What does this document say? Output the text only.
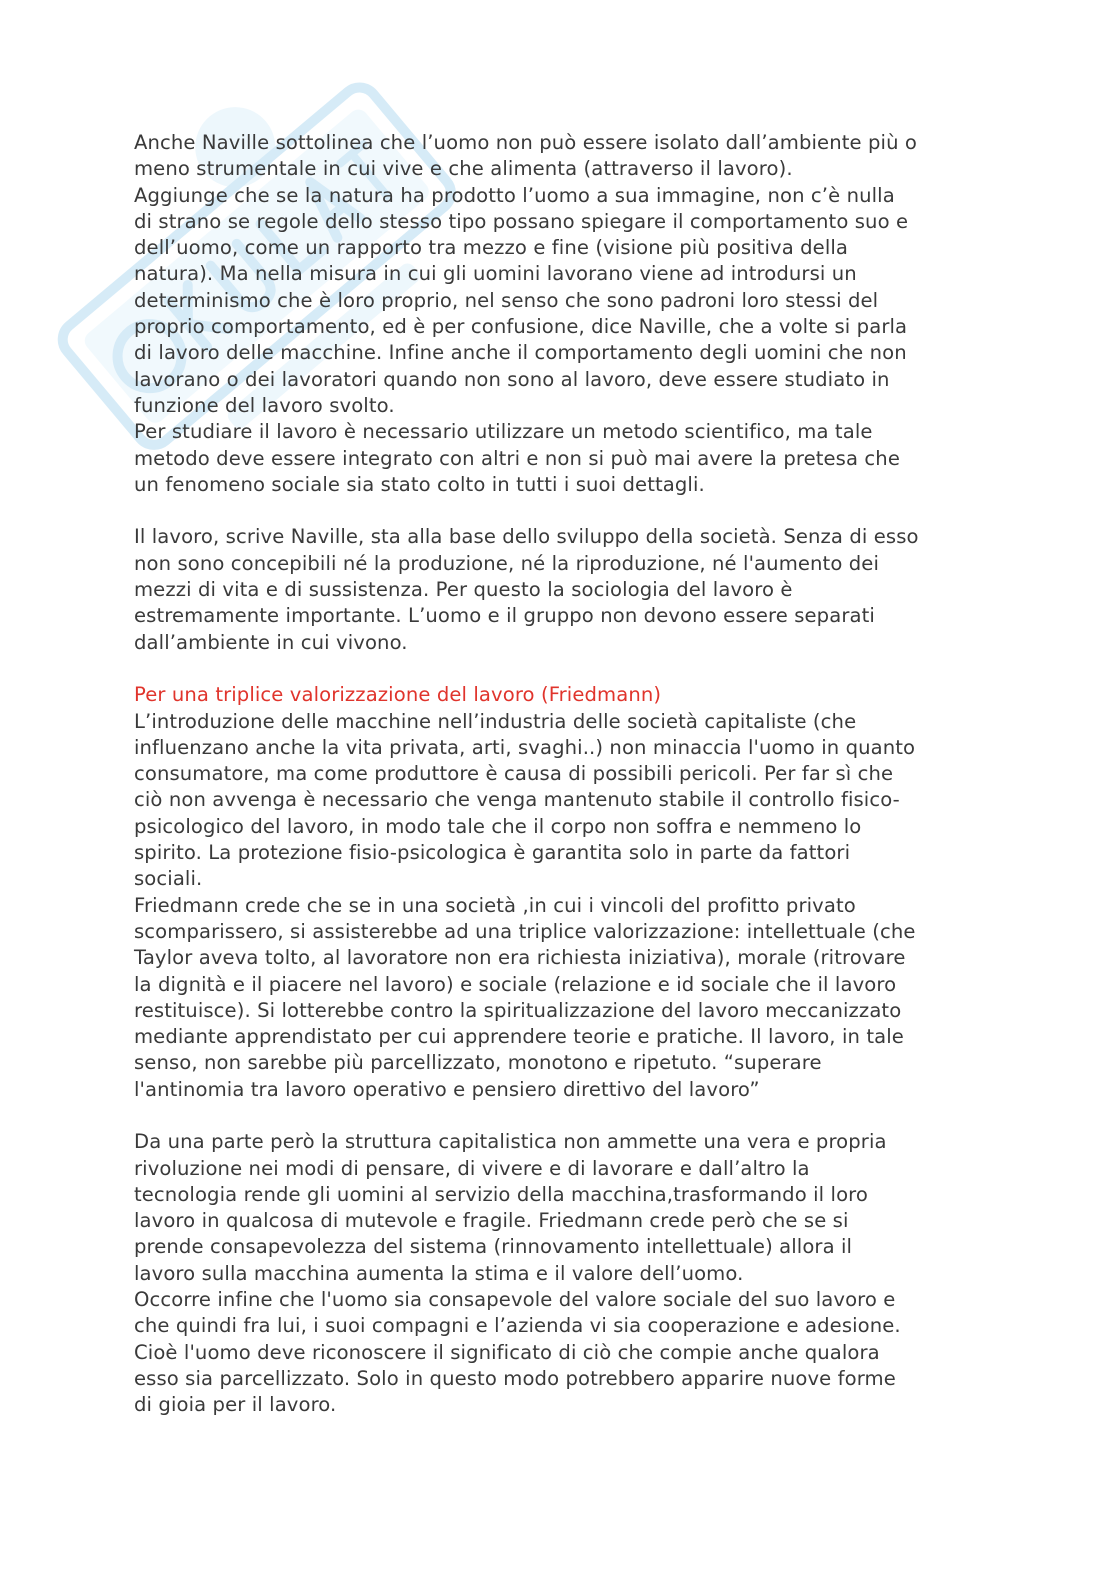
Anche Naville sottolinea che l’uomo non può essere isolato dall’ambiente più o

meno strumentale in cui vive e che alimenta (attraverso il lavoro).

Aggiunge che se la natura ha prodotto l’uomo a sua immagine, non c’è nulla

di strano se regole dello stesso tipo possano spiegare il comportamento suo e

dell’uomo, come un rapporto tra mezzo e fine (visione più positiva della

natura). Ma nella misura in cui gli uomini lavorano viene ad introdursi un

determinismo che è loro proprio, nel senso che sono padroni loro stessi del

proprio comportamento, ed è per confusione, dice Naville, che a volte si parla

di lavoro delle macchine. Infine anche il comportamento degli uomini che non

lavorano o dei lavoratori quando non sono al lavoro, deve essere studiato in

funzione del lavoro svolto.

Per studiare il lavoro è necessario utilizzare un metodo scientifico, ma tale

metodo deve essere integrato con altri e non si può mai avere la pretesa che

un fenomeno sociale sia stato colto in tutti i suoi dettagli.

Il lavoro, scrive Naville, sta alla base dello sviluppo della società. Senza di esso

non sono concepibili né la produzione, né la riproduzione, né l'aumento dei

mezzi di vita e di sussistenza. Per questo la sociologia del lavoro è

estremamente importante. L’uomo e il gruppo non devono essere separati

dall’ambiente in cui vivono.

Per una triplice valorizzazione del lavoro (Friedmann)

L’introduzione delle macchine nell’industria delle società capitaliste (che

influenzano anche la vita privata, arti, svaghi..) non minaccia l'uomo in quanto

consumatore, ma come produttore è causa di possibili pericoli. Per far sì che

ciò non avvenga è necessario che venga mantenuto stabile il controllo fisico-

psicologico del lavoro, in modo tale che il corpo non soffra e nemmeno lo

spirito. La protezione fisio-psicologica è garantita solo in parte da fattori

sociali.

Friedmann crede che se in una società ,in cui i vincoli del profitto privato

scomparissero, si assisterebbe ad una triplice valorizzazione: intellettuale (che

Taylor aveva tolto, al lavoratore non era richiesta iniziativa), morale (ritrovare

la dignità e il piacere nel lavoro) e sociale (relazione e id sociale che il lavoro

restituisce). Si lotterebbe contro la spiritualizzazione del lavoro meccanizzato

mediante apprendistato per cui apprendere teorie e pratiche. Il lavoro, in tale

senso, non sarebbe più parcellizzato, monotono e ripetuto. “superare

l'antinomia tra lavoro operativo e pensiero direttivo del lavoro”

Da una parte però la struttura capitalistica non ammette una vera e propria

rivoluzione nei modi di pensare, di vivere e di lavorare e dall’altro la

tecnologia rende gli uomini al servizio della macchina,trasformando il loro

lavoro in qualcosa di mutevole e fragile. Friedmann crede però che se si

prende consapevolezza del sistema (rinnovamento intellettuale) allora il

lavoro sulla macchina aumenta la stima e il valore dell’uomo.

Occorre infine che l'uomo sia consapevole del valore sociale del suo lavoro e

che quindi fra lui, i suoi compagni e l’azienda vi sia cooperazione e adesione.

Cioè l'uomo deve riconoscere il significato di ciò che compie anche qualora

esso sia parcellizzato. Solo in questo modo potrebbero apparire nuove forme

di gioia per il lavoro.
